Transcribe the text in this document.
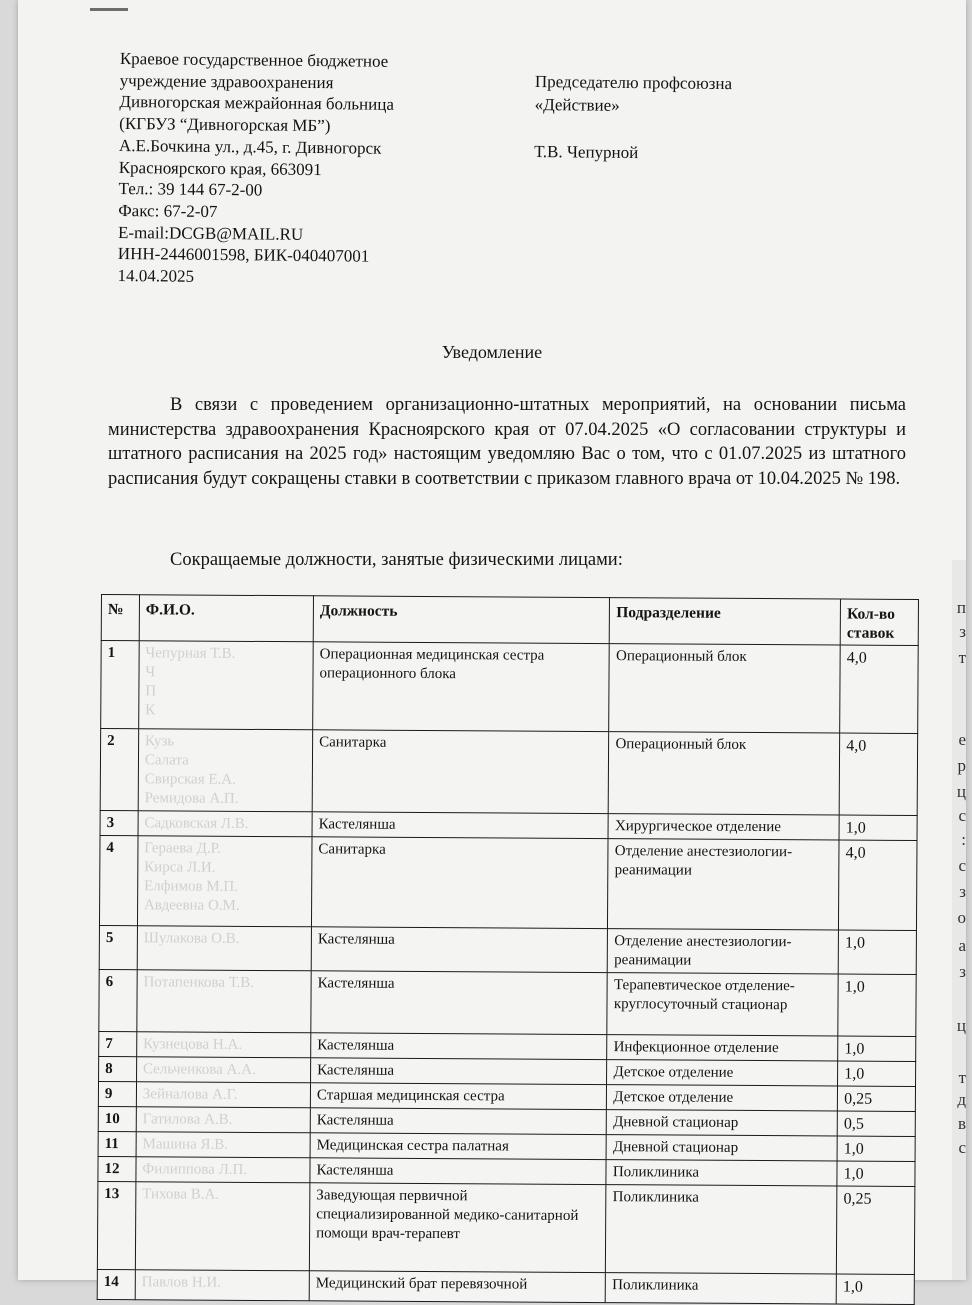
Краевое государственное бюджетное
учреждение здравоохранения
Дивногорская межрайонная больница
(КГБУЗ “Дивногорская МБ”)
А.Е.Бочкина ул., д.45, г. Дивногорск
Красноярского края, 663091
Тел.: 39 144 67-2-00
Факс: 67-2-07
E-mail:DCGB@MAIL.RU
ИНН-2446001598, БИК-040407001
14.04.2025
Председателю профсоюзна
«Действие»
Т.В. Чепурной
Уведомление

В связи с проведением организационно-штатных мероприятий, на основании письма министерства здравоохранения Красноярского края от 07.04.2025 «О согласовании структуры и штатного расписания на 2025 год» настоящим уведомляю Вас о том, что с 01.07.2025 из штатного расписания будут сокращены ставки в соответствии с приказом главного врача от 10.04.2025 № 198.

Сокращаемые должности, занятые физическими лицами:
№	Ф.И.О.	Должность	Подразделение	Кол-во ставок
1	Чепурная Т.В.
Ч
П
К	Операционная медицинская сестра операционного блока	Операционный блок	4,0
2	Кузь
Салата
Свирская Е.А.
Ремидова А.П.	Санитарка	Операционный блок	4,0
3	Садковская Л.В.	Кастелянша	Хирургическое отделение	1,0
4	Гераева Д.Р.
Кирса Л.И.
Елфимов М.П.
Авдеевна О.М.	Санитарка	Отделение анестезиологии-реанимации	4,0
5	Шулакова О.В.	Кастелянша	Отделение анестезиологии-реанимации	1,0
6	Потапенкова Т.В.	Кастелянша	Терапевтическое отделение-круглосуточный стационар	1,0
7	Кузнецова Н.А.	Кастелянша	Инфекционное отделение	1,0
8	Сельченкова А.А.	Кастелянша	Детское отделение	1,0
9	Зейналова А.Г.	Старшая медицинская сестра	Детское отделение	0,25
10	Гатилова А.В.	Кастелянша	Дневной стационар	0,5
11	Машина Я.В.	Медицинская сестра палатная	Дневной стационар	1,0
12	Филиппова Л.П.	Кастелянша	Поликлиника	1,0
13	Тихова В.А.	Заведующая первичной специализированной медико-санитарной помощи врач-терапевт	Поликлиника	0,25
14	Павлов Н.И.	Медицинский брат перевязочной	Поликлиника	1,0
п
з
т
е
р
ц
с
:
с
з
о
а
з
ц
т
д
в
с
